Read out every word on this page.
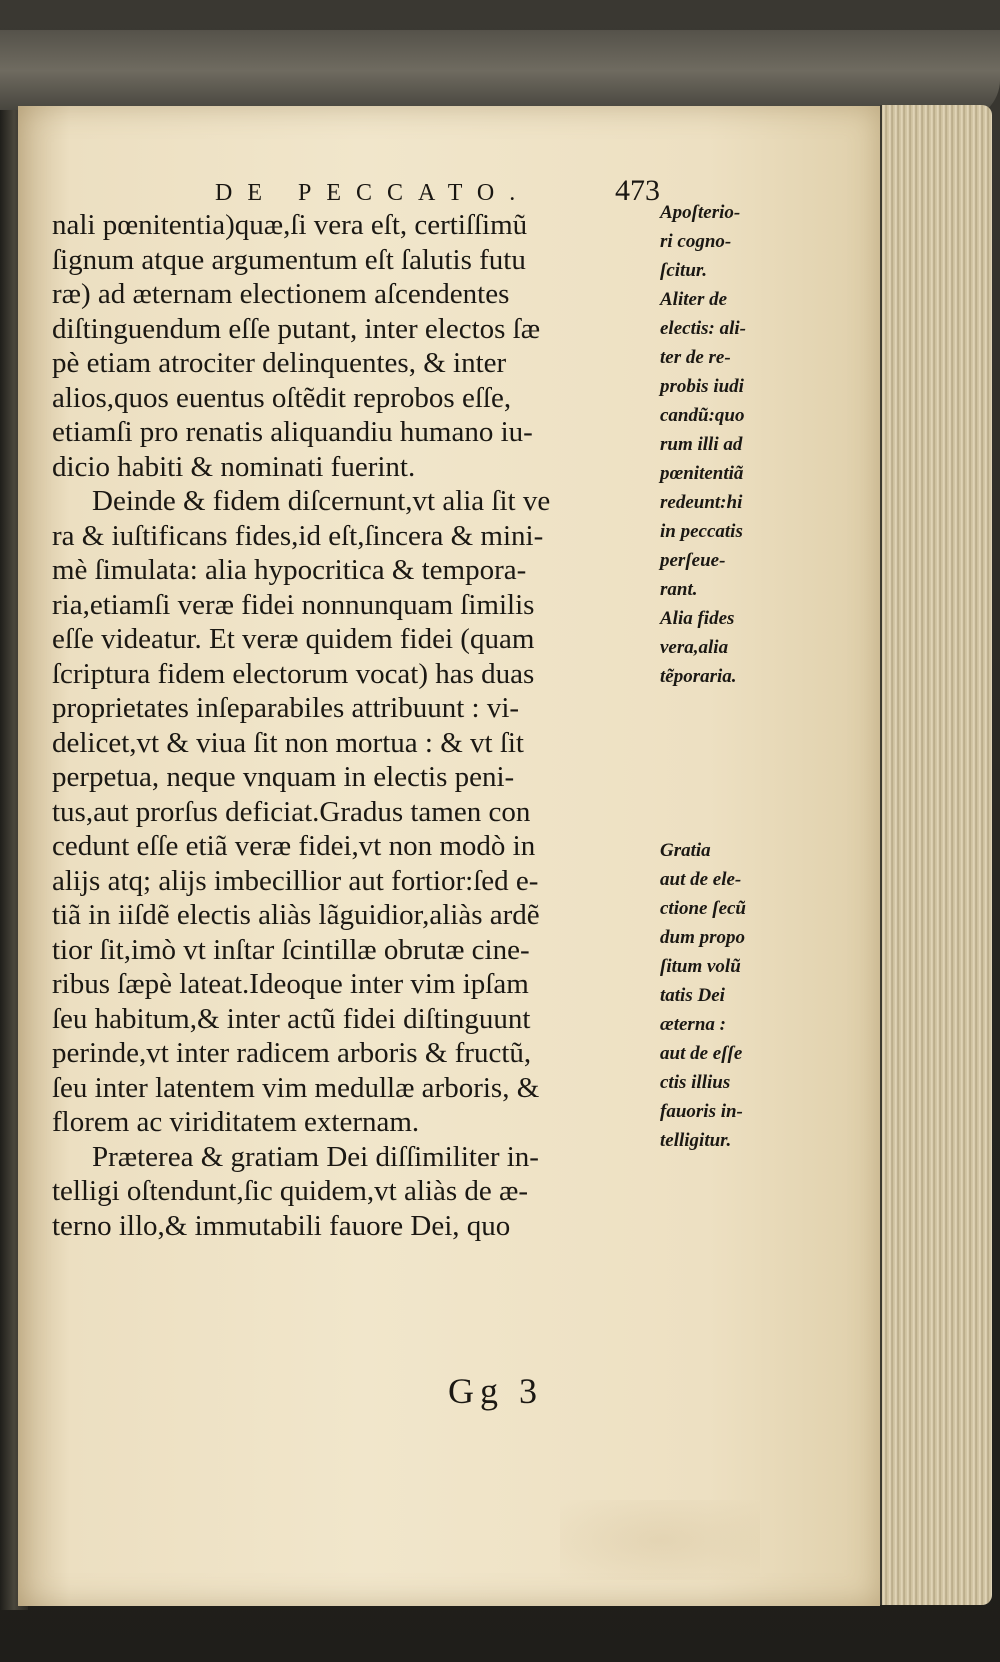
DE PECCATO.	473
nali pœnitentia)quæ,ſi vera eſt, certiſſimũ
ſignum atque argumentum eſt ſalutis futu
ræ) ad æternam electionem aſcendentes
diſtinguendum eſſe putant, inter electos ſæ
pè etiam atrociter delinquentes, & inter
alios,quos euentus oſtẽdit reprobos eſſe,
etiamſi pro renatis aliquandiu humano iu-
dicio habiti & nominati fuerint.
Deinde & fidem diſcernunt,vt alia ſit ve
ra & iuſtificans fides,id eſt,ſincera & mini-
mè ſimulata: alia hypocritica & tempora-
ria,etiamſi veræ fidei nonnunquam ſimilis
eſſe videatur. Et veræ quidem fidei (quam
ſcriptura fidem electorum vocat) has duas
proprietates inſeparabiles attribuunt : vi-
delicet,vt & viua ſit non mortua : & vt ſit
perpetua, neque vnquam in electis peni-
tus,aut prorſus deficiat.Gradus tamen con
cedunt eſſe etiã veræ fidei,vt non modò in
alijs atq; alijs imbecillior aut fortior:ſed e-
tiã in iiſdẽ electis aliàs lãguidior,aliàs ardẽ
tior ſit,imò vt inſtar ſcintillæ obrutæ cine-
ribus ſæpè lateat.Ideoque inter vim ipſam
ſeu habitum,& inter actũ fidei diſtinguunt
perinde,vt inter radicem arboris & fructũ,
ſeu inter latentem vim medullæ arboris, &
florem ac viriditatem externam.
Præterea & gratiam Dei diſſimiliter in-
telligi oſtendunt,ſic quidem,vt aliàs de æ-
terno illo,& immutabili fauore Dei, quo
Apoſterio-
ri cogno-
ſcitur.
Aliter de
electis: ali-
ter de re-
probis iudi
candũ:quo
rum illi ad
pœnitentiã
redeunt:hi
in peccatis
perſeue-
rant.
Alia fides
vera,alia
tẽporaria.
Gratia
aut de ele-
ctione ſecũ
dum propo
ſitum volũ
tatis Dei
æterna :
aut de eſſe
ctis illius
fauoris in-
telligitur.
Gg 3
